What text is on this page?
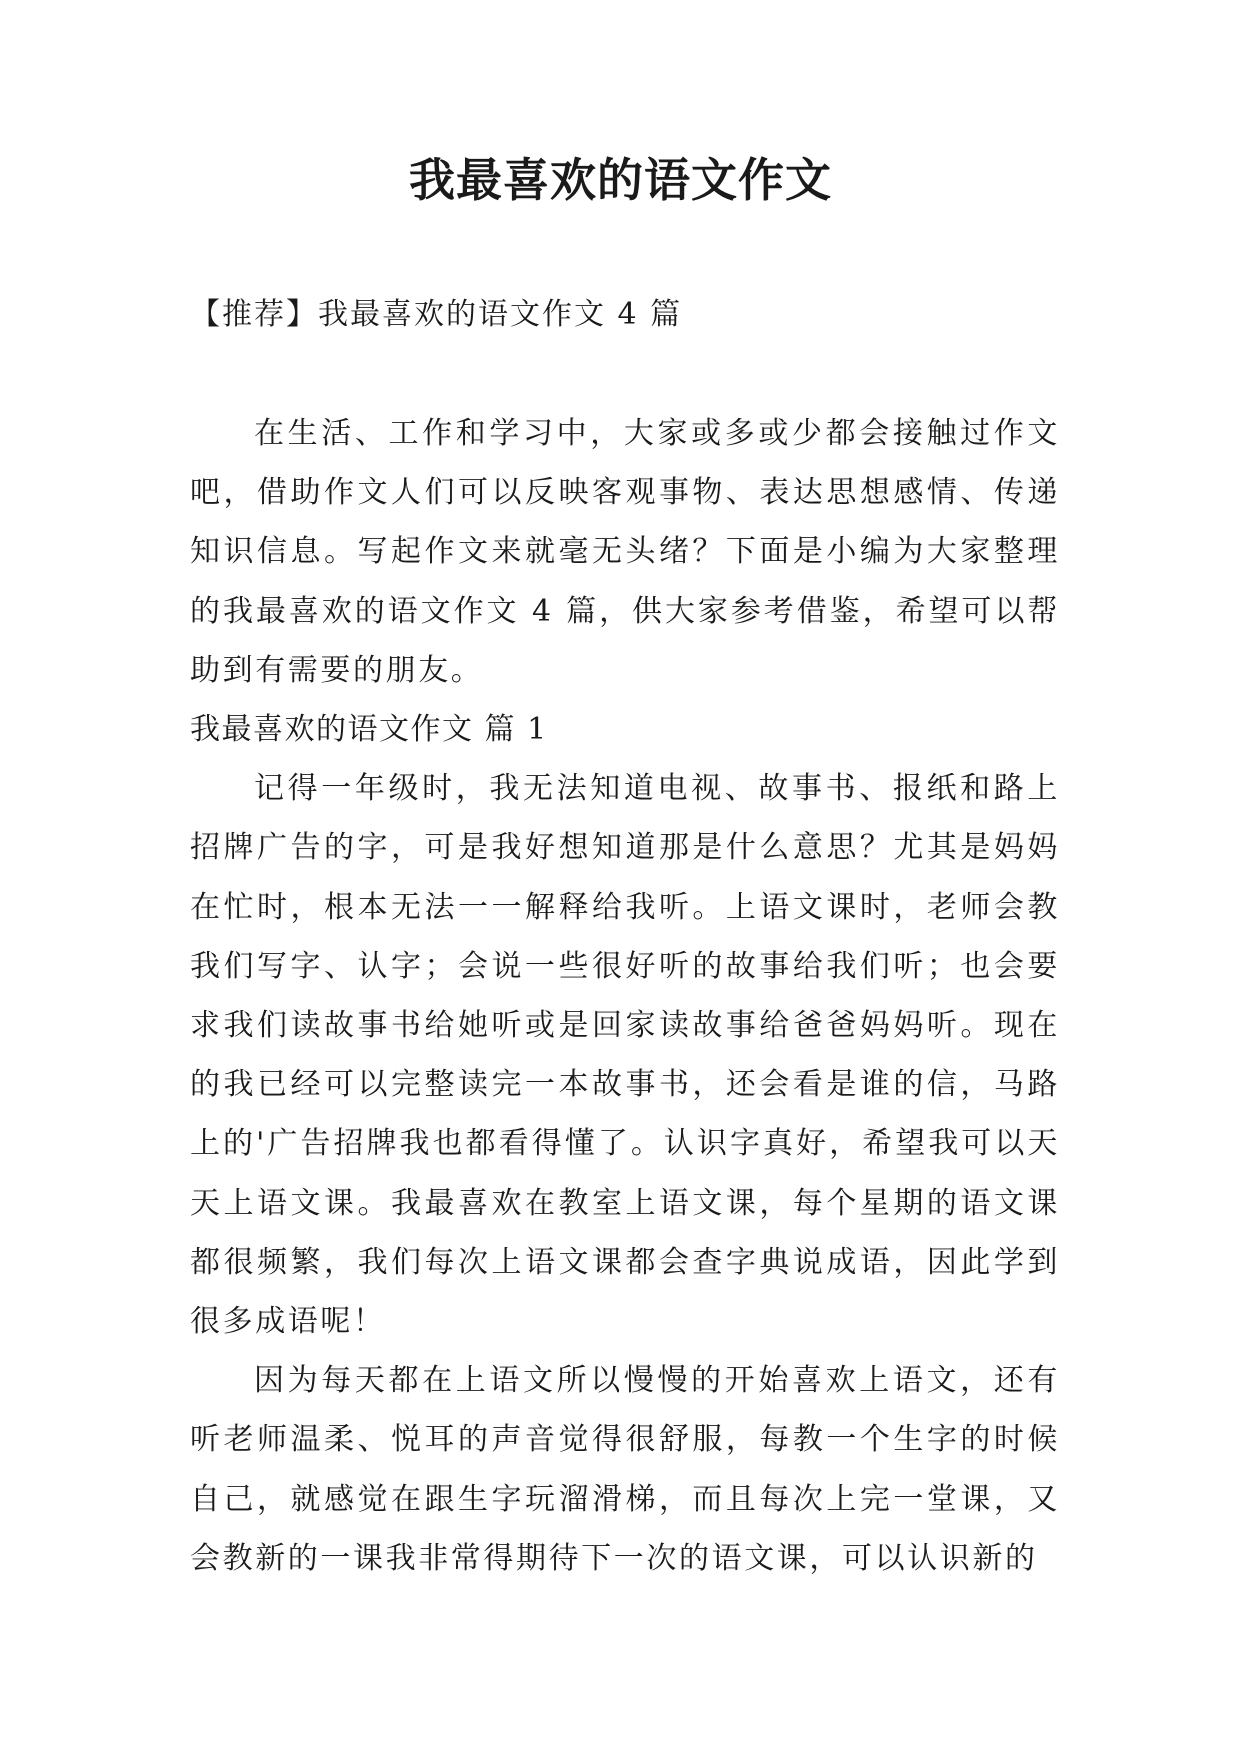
我最喜欢的语文作文

【推荐】我最喜欢的语文作文 4 篇

在生活、工作和学习中，大家或多或少都会接触过作文吧，借助作文人们可以反映客观事物、表达思想感情、传递知识信息。写起作文来就毫无头绪？下面是小编为大家整理的我最喜欢的语文作文 4 篇，供大家参考借鉴，希望可以帮助到有需要的朋友。

我最喜欢的语文作文 篇 1

记得一年级时，我无法知道电视、故事书、报纸和路上招牌广告的字，可是我好想知道那是什么意思？尤其是妈妈在忙时，根本无法一一解释给我听。上语文课时，老师会教我们写字、认字；会说一些很好听的故事给我们听；也会要求我们读故事书给她听或是回家读故事给爸爸妈妈听。现在的我已经可以完整读完一本故事书，还会看是谁的信，马路上的'广告招牌我也都看得懂了。认识字真好，希望我可以天天上语文课。我最喜欢在教室上语文课，每个星期的语文课都很频繁，我们每次上语文课都会查字典说成语，因此学到很多成语呢！

因为每天都在上语文所以慢慢的开始喜欢上语文，还有听老师温柔、悦耳的声音觉得很舒服，每教一个生字的时候自己，就感觉在跟生字玩溜滑梯，而且每次上完一堂课，又会教新的一课我非常得期待下一次的语文课，可以认识新的
